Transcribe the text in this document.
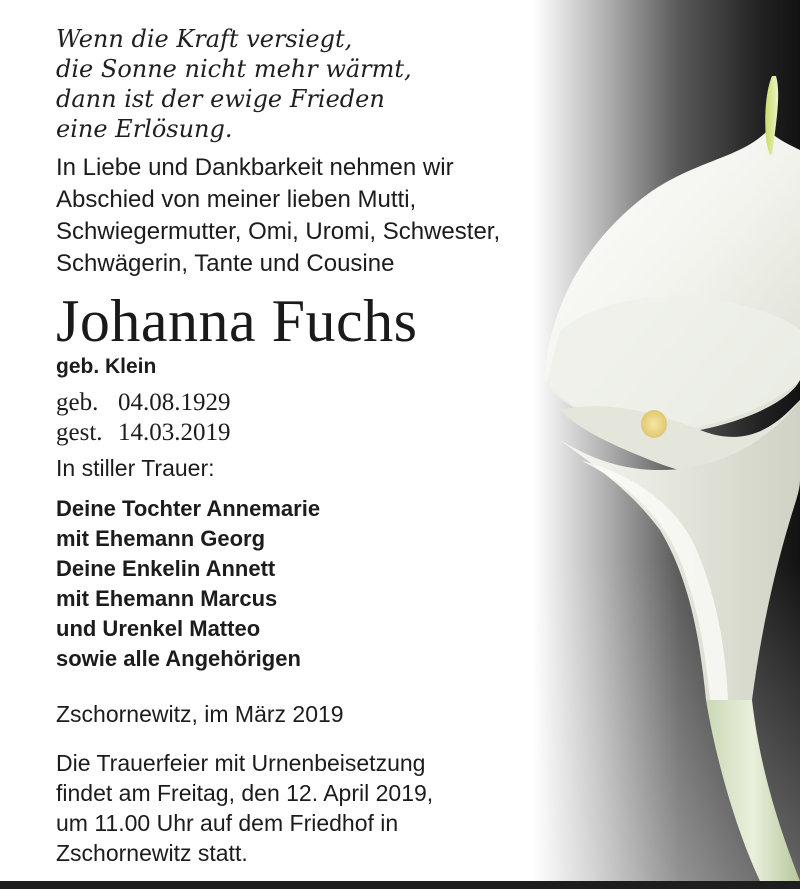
Wenn die Kraft versiegt,
die Sonne nicht mehr wärmt,
dann ist der ewige Frieden
eine Erlösung.
In Liebe und Dankbarkeit nehmen wir
Abschied von meiner lieben Mutti,
Schwiegermutter, Omi, Uromi, Schwester,
Schwägerin, Tante und Cousine
Johanna Fuchs
geb. Klein
geb. 04.08.1929
gest. 14.03.2019
In stiller Trauer:
Deine Tochter Annemarie
mit Ehemann Georg
Deine Enkelin Annett
mit Ehemann Marcus
und Urenkel Matteo
sowie alle Angehörigen
Zschornewitz, im März 2019
Die Trauerfeier mit Urnenbeisetzung
findet am Freitag, den 12. April 2019,
um 11.00 Uhr auf dem Friedhof in
Zschornewitz statt.
